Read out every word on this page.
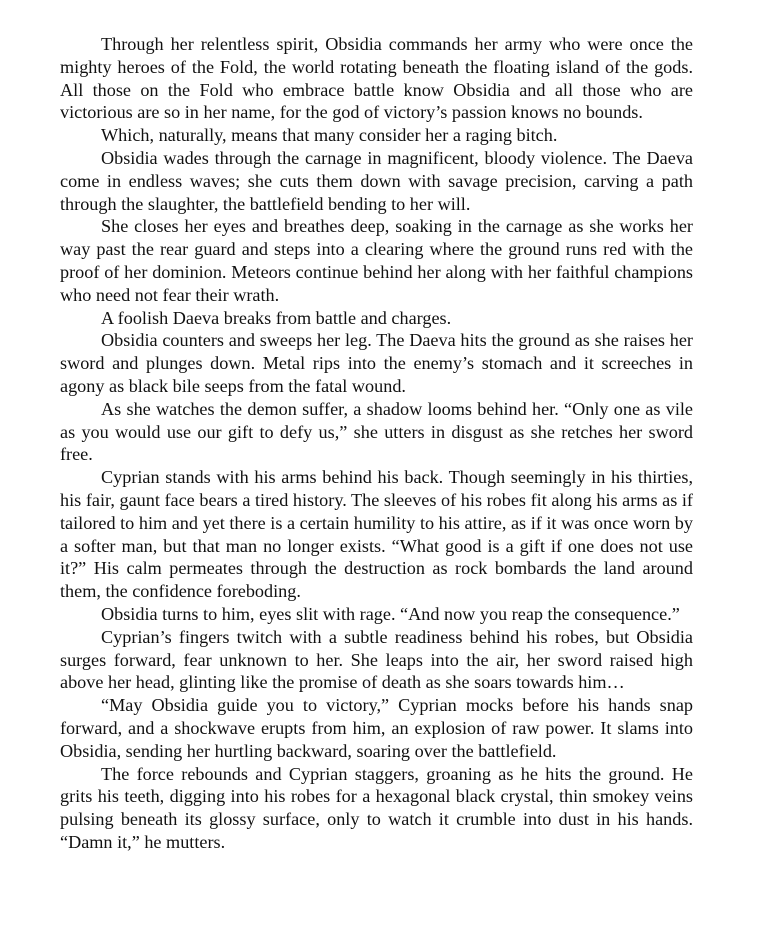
Through her relentless spirit, Obsidia commands her army who were once the mighty heroes of the Fold, the world rotating beneath the floating island of the gods. All those on the Fold who embrace battle know Obsidia and all those who are victorious are so in her name, for the god of victory’s passion knows no bounds.

Which, naturally, means that many consider her a raging bitch.

Obsidia wades through the carnage in magnificent, bloody violence. The Daeva come in endless waves; she cuts them down with savage precision, carving a path through the slaughter, the battlefield bending to her will.

She closes her eyes and breathes deep, soaking in the carnage as she works her way past the rear guard and steps into a clearing where the ground runs red with the proof of her dominion. Meteors continue behind her along with her faithful champions who need not fear their wrath.

A foolish Daeva breaks from battle and charges.

Obsidia counters and sweeps her leg. The Daeva hits the ground as she raises her sword and plunges down. Metal rips into the enemy’s stomach and it screeches in agony as black bile seeps from the fatal wound.

As she watches the demon suffer, a shadow looms behind her. “Only one as vile as you would use our gift to defy us,” she utters in disgust as she retches her sword free.

Cyprian stands with his arms behind his back. Though seemingly in his thirties, his fair, gaunt face bears a tired history. The sleeves of his robes fit along his arms as if tailored to him and yet there is a certain humility to his attire, as if it was once worn by a softer man, but that man no longer exists. “What good is a gift if one does not use it?” His calm permeates through the destruction as rock bombards the land around them, the confidence foreboding.

Obsidia turns to him, eyes slit with rage. “And now you reap the consequence.”

Cyprian’s fingers twitch with a subtle readiness behind his robes, but Obsidia surges forward, fear unknown to her. She leaps into the air, her sword raised high above her head, glinting like the promise of death as she soars towards him…

“May Obsidia guide you to victory,” Cyprian mocks before his hands snap forward, and a shockwave erupts from him, an explosion of raw power. It slams into Obsidia, sending her hurtling backward, soaring over the battlefield.

The force rebounds and Cyprian staggers, groaning as he hits the ground. He grits his teeth, digging into his robes for a hexagonal black crystal, thin smokey veins pulsing beneath its glossy surface, only to watch it crumble into dust in his hands. “Damn it,” he mutters.
